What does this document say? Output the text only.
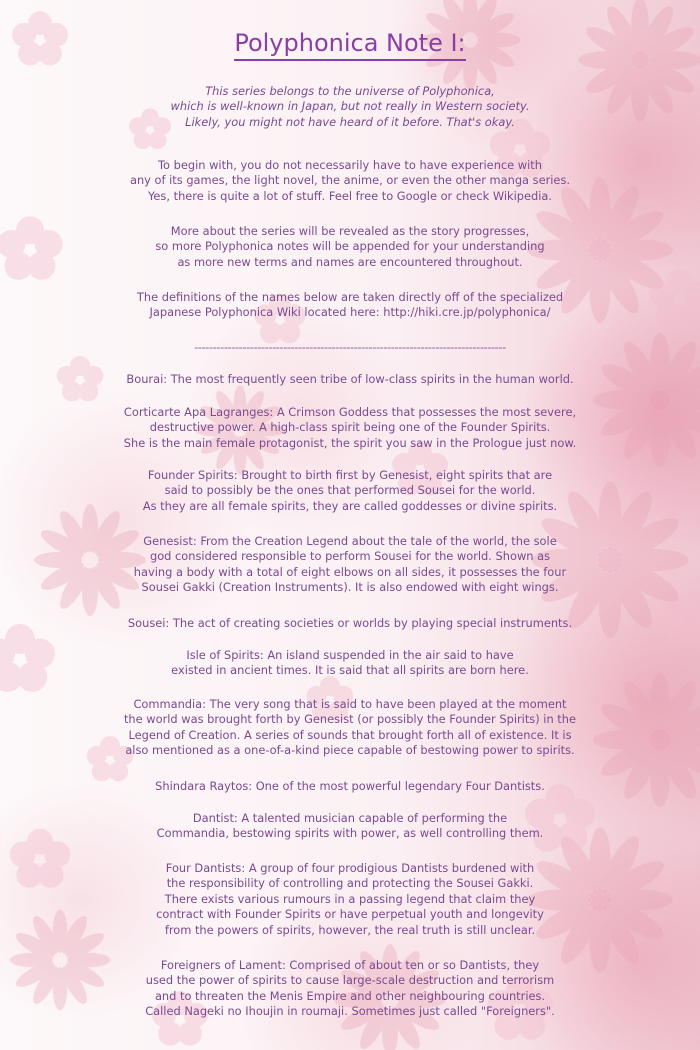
Polyphonica Note I:

This series belongs to the universe of Polyphonica,
which is well-known in Japan, but not really in Western society.
Likely, you might not have heard of it before. That's okay.

To begin with, you do not necessarily have to have experience with
any of its games, the light novel, the anime, or even the other manga series.
Yes, there is quite a lot of stuff. Feel free to Google or check Wikipedia.

More about the series will be revealed as the story progresses,
so more Polyphonica notes will be appended for your understanding
as more new terms and names are encountered throughout.

The definitions of the names below are taken directly off of the specialized
Japanese Polyphonica Wiki located here: http://hiki.cre.jp/polyphonica/

------------------------------------------------------------------------------------

Bourai: The most frequently seen tribe of low-class spirits in the human world.

Corticarte Apa Lagranges: A Crimson Goddess that possesses the most severe,
destructive power. A high-class spirit being one of the Founder Spirits.
She is the main female protagonist, the spirit you saw in the Prologue just now.

Founder Spirits: Brought to birth first by Genesist, eight spirits that are
said to possibly be the ones that performed Sousei for the world.
As they are all female spirits, they are called goddesses or divine spirits.

Genesist: From the Creation Legend about the tale of the world, the sole
god considered responsible to perform Sousei for the world. Shown as
having a body with a total of eight elbows on all sides, it possesses the four
Sousei Gakki (Creation Instruments). It is also endowed with eight wings.

Sousei: The act of creating societies or worlds by playing special instruments.

Isle of Spirits: An island suspended in the air said to have
existed in ancient times. It is said that all spirits are born here.

Commandia: The very song that is said to have been played at the moment
the world was brought forth by Genesist (or possibly the Founder Spirits) in the
Legend of Creation. A series of sounds that brought forth all of existence. It is
also mentioned as a one-of-a-kind piece capable of bestowing power to spirits.

Shindara Raytos: One of the most powerful legendary Four Dantists.

Dantist: A talented musician capable of performing the
Commandia, bestowing spirits with power, as well controlling them.

Four Dantists: A group of four prodigious Dantists burdened with
the responsibility of controlling and protecting the Sousei Gakki.
There exists various rumours in a passing legend that claim they
contract with Founder Spirits or have perpetual youth and longevity
from the powers of spirits, however, the real truth is still unclear.

Foreigners of Lament: Comprised of about ten or so Dantists, they
used the power of spirits to cause large-scale destruction and terrorism
and to threaten the Menis Empire and other neighbouring countries.
Called Nageki no Ihoujin in roumaji. Sometimes just called "Foreigners".
